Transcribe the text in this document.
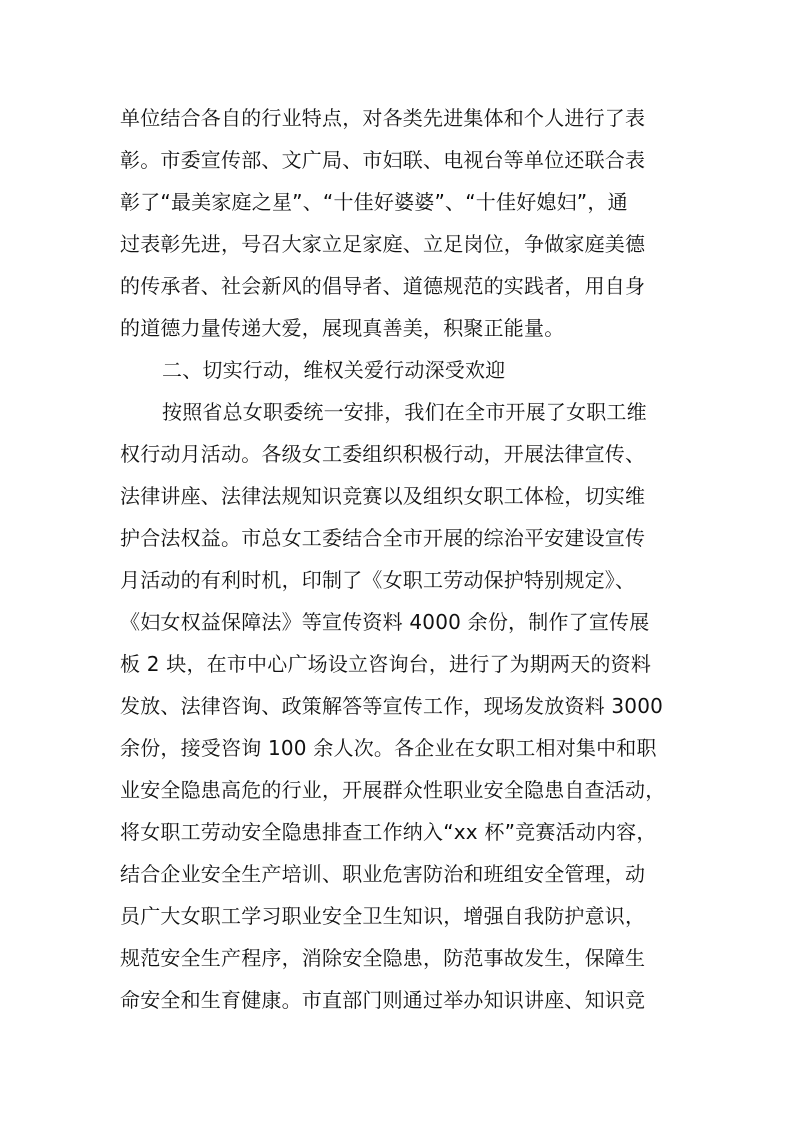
单位结合各自的行业特点，对各类先进集体和个人进行了表
彰。市委宣传部、文广局、市妇联、电视台等单位还联合表
彰了“最美家庭之星”、“十佳好婆婆”、“十佳好媳妇”，通
过表彰先进，号召大家立足家庭、立足岗位，争做家庭美德
的传承者、社会新风的倡导者、道德规范的实践者，用自身
的道德力量传递大爱，展现真善美，积聚正能量。
二、切实行动，维权关爱行动深受欢迎
按照省总女职委统一安排，我们在全市开展了女职工维
权行动月活动。各级女工委组织积极行动，开展法律宣传、
法律讲座、法律法规知识竞赛以及组织女职工体检，切实维
护合法权益。市总女工委结合全市开展的综治平安建设宣传
月活动的有利时机，印制了《女职工劳动保护特别规定》、
《妇女权益保障法》等宣传资料 4000 余份，制作了宣传展
板 2 块，在市中心广场设立咨询台，进行了为期两天的资料
发放、法律咨询、政策解答等宣传工作，现场发放资料 3000
余份，接受咨询 100 余人次。各企业在女职工相对集中和职
业安全隐患高危的行业，开展群众性职业安全隐患自查活动，
将女职工劳动安全隐患排查工作纳入“xx 杯”竞赛活动内容，
结合企业安全生产培训、职业危害防治和班组安全管理，动
员广大女职工学习职业安全卫生知识，增强自我防护意识，
规范安全生产程序，消除安全隐患，防范事故发生，保障生
命安全和生育健康。市直部门则通过举办知识讲座、知识竞
